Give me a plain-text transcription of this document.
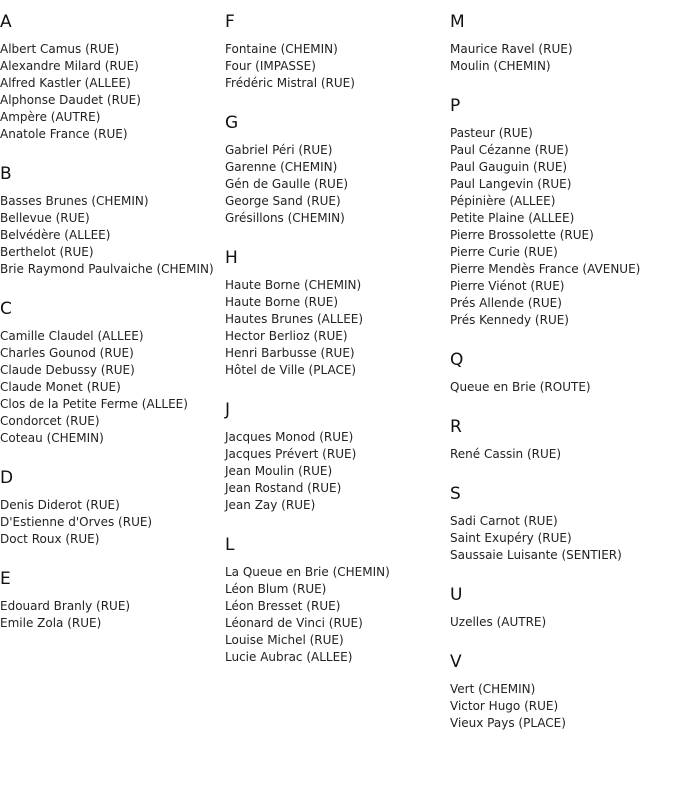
A
Albert Camus (RUE)
Alexandre Milard (RUE)
Alfred Kastler (ALLEE)
Alphonse Daudet (RUE)
Ampère (AUTRE)
Anatole France (RUE)
B
Basses Brunes (CHEMIN)
Bellevue (RUE)
Belvédère (ALLEE)
Berthelot (RUE)
Brie Raymond Paulvaiche (CHEMIN)
C
Camille Claudel (ALLEE)
Charles Gounod (RUE)
Claude Debussy (RUE)
Claude Monet (RUE)
Clos de la Petite Ferme (ALLEE)
Condorcet (RUE)
Coteau (CHEMIN)
D
Denis Diderot (RUE)
D'Estienne d'Orves (RUE)
Doct Roux (RUE)
E
Edouard Branly (RUE)
Emile Zola (RUE)
F
Fontaine (CHEMIN)
Four (IMPASSE)
Frédéric Mistral (RUE)
G
Gabriel Péri (RUE)
Garenne (CHEMIN)
Gén de Gaulle (RUE)
George Sand (RUE)
Grésillons (CHEMIN)
H
Haute Borne (CHEMIN)
Haute Borne (RUE)
Hautes Brunes (ALLEE)
Hector Berlioz (RUE)
Henri Barbusse (RUE)
Hôtel de Ville (PLACE)
J
Jacques Monod (RUE)
Jacques Prévert (RUE)
Jean Moulin (RUE)
Jean Rostand (RUE)
Jean Zay (RUE)
L
La Queue en Brie (CHEMIN)
Léon Blum (RUE)
Léon Bresset (RUE)
Léonard de Vinci (RUE)
Louise Michel (RUE)
Lucie Aubrac (ALLEE)
M
Maurice Ravel (RUE)
Moulin (CHEMIN)
P
Pasteur (RUE)
Paul Cézanne (RUE)
Paul Gauguin (RUE)
Paul Langevin (RUE)
Pépinière (ALLEE)
Petite Plaine (ALLEE)
Pierre Brossolette (RUE)
Pierre Curie (RUE)
Pierre Mendès France (AVENUE)
Pierre Viénot (RUE)
Prés Allende (RUE)
Prés Kennedy (RUE)
Q
Queue en Brie (ROUTE)
R
René Cassin (RUE)
S
Sadi Carnot (RUE)
Saint Exupéry (RUE)
Saussaie Luisante (SENTIER)
U
Uzelles (AUTRE)
V
Vert (CHEMIN)
Victor Hugo (RUE)
Vieux Pays (PLACE)
